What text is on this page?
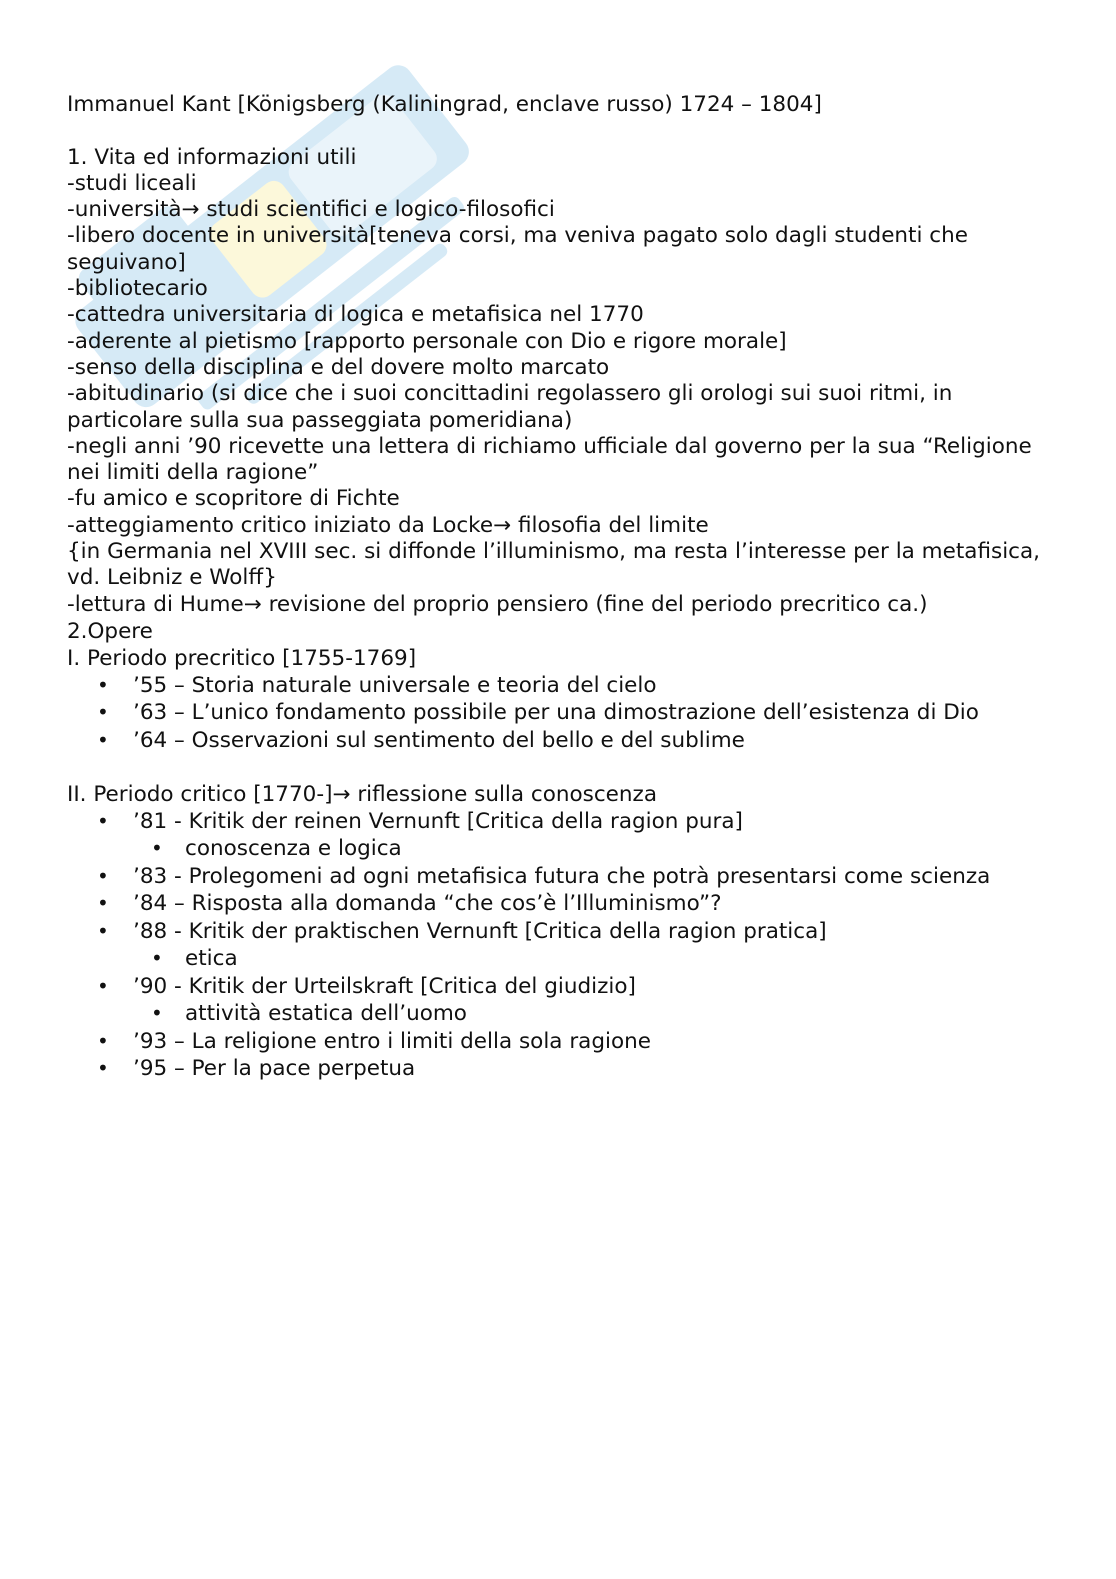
Immanuel Kant [Königsberg (Kaliningrad, enclave russo) 1724 – 1804]

1. Vita ed informazioni utili

-studi liceali

-università→ studi scientifici e logico-filosofici

-libero docente in università[teneva corsi, ma veniva pagato solo dagli studenti che seguivano]

-bibliotecario

-cattedra universitaria di logica e metafisica nel 1770

-aderente al pietismo [rapporto personale con Dio e rigore morale]

-senso della disciplina e del dovere molto marcato

-abitudinario (si dice che i suoi concittadini regolassero gli orologi sui suoi ritmi, in particolare sulla sua passeggiata pomeridiana)

-negli anni ’90 ricevette una lettera di richiamo ufficiale dal governo per la sua “Religione nei limiti della ragione”

-fu amico e scopritore di Fichte

-atteggiamento critico iniziato da Locke→ filosofia del limite

{in Germania nel XVIII sec. si diffonde l’illuminismo, ma resta l’interesse per la metafisica, vd. Leibniz e Wolff}

-lettura di Hume→ revisione del proprio pensiero (fine del periodo precritico ca.)

2.Opere

I. Periodo precritico [1755-1769]

• ’55 – Storia naturale universale e teoria del cielo
• ’63 – L’unico fondamento possibile per una dimostrazione dell’esistenza di Dio
• ’64 – Osservazioni sul sentimento del bello e del sublime

II. Periodo critico [1770-]→ riflessione sulla conoscenza

• ’81 - Kritik der reinen Vernunft [Critica della ragion pura]
• conoscenza e logica
• ’83 - Prolegomeni ad ogni metafisica futura che potrà presentarsi come scienza
• ’84 – Risposta alla domanda “che cos’è l’Illuminismo”?
• ’88 - Kritik der praktischen Vernunft [Critica della ragion pratica]
• etica
• ’90 - Kritik der Urteilskraft [Critica del giudizio]
• attività estatica dell’uomo
• ’93 – La religione entro i limiti della sola ragione
• ’95 – Per la pace perpetua
